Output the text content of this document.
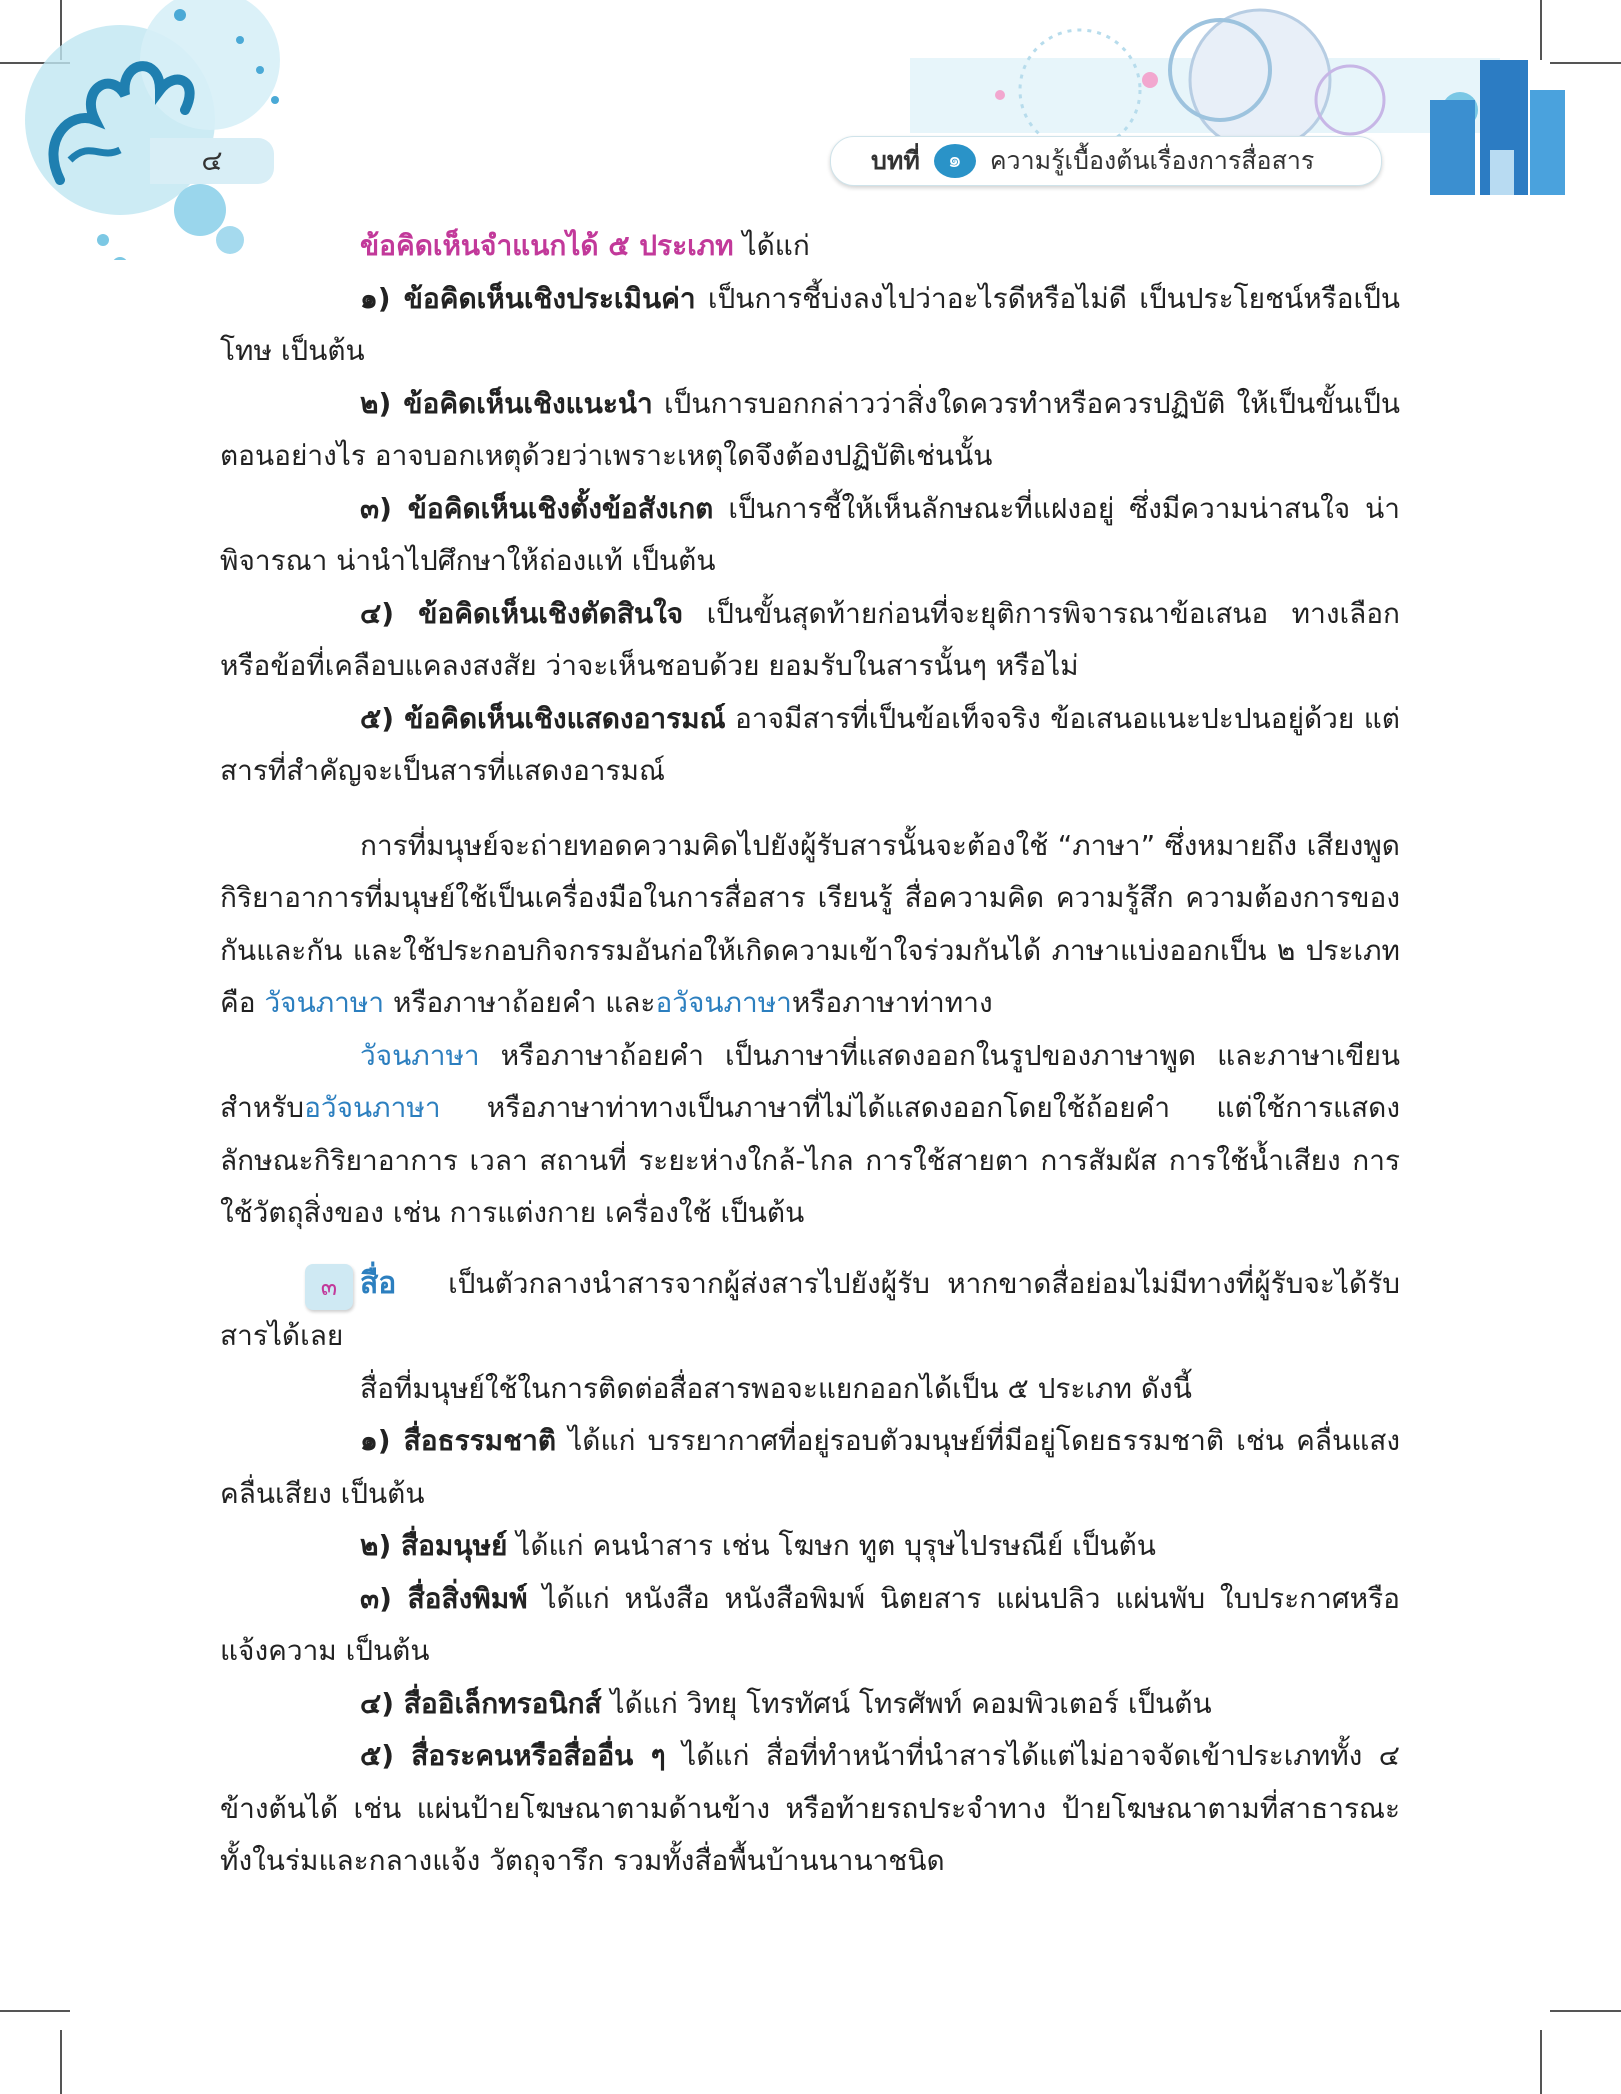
๔	บทที่	๑	ความรู้เบื้องต้นเรื่องการสื่อสาร

ข้อคิดเห็นจำแนกได้ ๕ ประเภท ได้แก่

๑) ข้อคิดเห็นเชิงประเมินค่า เป็นการชี้บ่งลงไปว่าอะไรดีหรือไม่ดี เป็นประโยชน์หรือเป็นโทษ เป็นต้น

๒) ข้อคิดเห็นเชิงแนะนำ เป็นการบอกกล่าวว่าสิ่งใดควรทำหรือควรปฏิบัติ ให้เป็นขั้นเป็นตอนอย่างไร อาจบอกเหตุด้วยว่าเพราะเหตุใดจึงต้องปฏิบัติเช่นนั้น

๓) ข้อคิดเห็นเชิงตั้งข้อสังเกต เป็นการชี้ให้เห็นลักษณะที่แฝงอยู่ ซึ่งมีความน่าสนใจ น่าพิจารณา น่านำไปศึกษาให้ถ่องแท้ เป็นต้น

๔) ข้อคิดเห็นเชิงตัดสินใจ เป็นขั้นสุดท้ายก่อนที่จะยุติการพิจารณาข้อเสนอ ทางเลือก หรือข้อที่เคลือบแคลงสงสัย ว่าจะเห็นชอบด้วย ยอมรับในสารนั้นๆ หรือไม่

๕) ข้อคิดเห็นเชิงแสดงอารมณ์ อาจมีสารที่เป็นข้อเท็จจริง ข้อเสนอแนะปะปนอยู่ด้วย แต่สารที่สำคัญจะเป็นสารที่แสดงอารมณ์

การที่มนุษย์จะถ่ายทอดความคิดไปยังผู้รับสารนั้นจะต้องใช้ “ภาษา” ซึ่งหมายถึง เสียงพูด กิริยาอาการที่มนุษย์ใช้เป็นเครื่องมือในการสื่อสาร เรียนรู้ สื่อความคิด ความรู้สึก ความต้องการของกันและกัน และใช้ประกอบกิจกรรมอันก่อให้เกิดความเข้าใจร่วมกันได้ ภาษาแบ่งออกเป็น ๒ ประเภท คือ วัจนภาษา หรือภาษาถ้อยคำ และอวัจนภาษาหรือภาษาท่าทาง

วัจนภาษา หรือภาษาถ้อยคำ เป็นภาษาที่แสดงออกในรูปของภาษาพูด และภาษาเขียน สำหรับอวัจนภาษา หรือภาษาท่าทางเป็นภาษาที่ไม่ได้แสดงออกโดยใช้ถ้อยคำ แต่ใช้การแสดงลักษณะกิริยาอาการ เวลา สถานที่ ระยะห่างใกล้-ไกล การใช้สายตา การสัมผัส การใช้น้ำเสียง การใช้วัตถุสิ่งของ เช่น การแต่งกาย เครื่องใช้ เป็นต้น

๓ สื่อ เป็นตัวกลางนำสารจากผู้ส่งสารไปยังผู้รับ หากขาดสื่อย่อมไม่มีทางที่ผู้รับจะได้รับสารได้เลย

สื่อที่มนุษย์ใช้ในการติดต่อสื่อสารพอจะแยกออกได้เป็น ๕ ประเภท ดังนี้

๑) สื่อธรรมชาติ ได้แก่ บรรยากาศที่อยู่รอบตัวมนุษย์ที่มีอยู่โดยธรรมชาติ เช่น คลื่นแสง คลื่นเสียง เป็นต้น

๒) สื่อมนุษย์ ได้แก่ คนนำสาร เช่น โฆษก ทูต บุรุษไปรษณีย์ เป็นต้น

๓) สื่อสิ่งพิมพ์ ได้แก่ หนังสือ หนังสือพิมพ์ นิตยสาร แผ่นปลิว แผ่นพับ ใบประกาศหรือแจ้งความ เป็นต้น

๔) สื่ออิเล็กทรอนิกส์ ได้แก่ วิทยุ โทรทัศน์ โทรศัพท์ คอมพิวเตอร์ เป็นต้น

๕) สื่อระคนหรือสื่ออื่น ๆ ได้แก่ สื่อที่ทำหน้าที่นำสารได้แต่ไม่อาจจัดเข้าประเภททั้ง ๔ ข้างต้นได้ เช่น แผ่นป้ายโฆษณาตามด้านข้าง หรือท้ายรถประจำทาง ป้ายโฆษณาตามที่สาธารณะทั้งในร่มและกลางแจ้ง วัตถุจารึก รวมทั้งสื่อพื้นบ้านนานาชนิด
